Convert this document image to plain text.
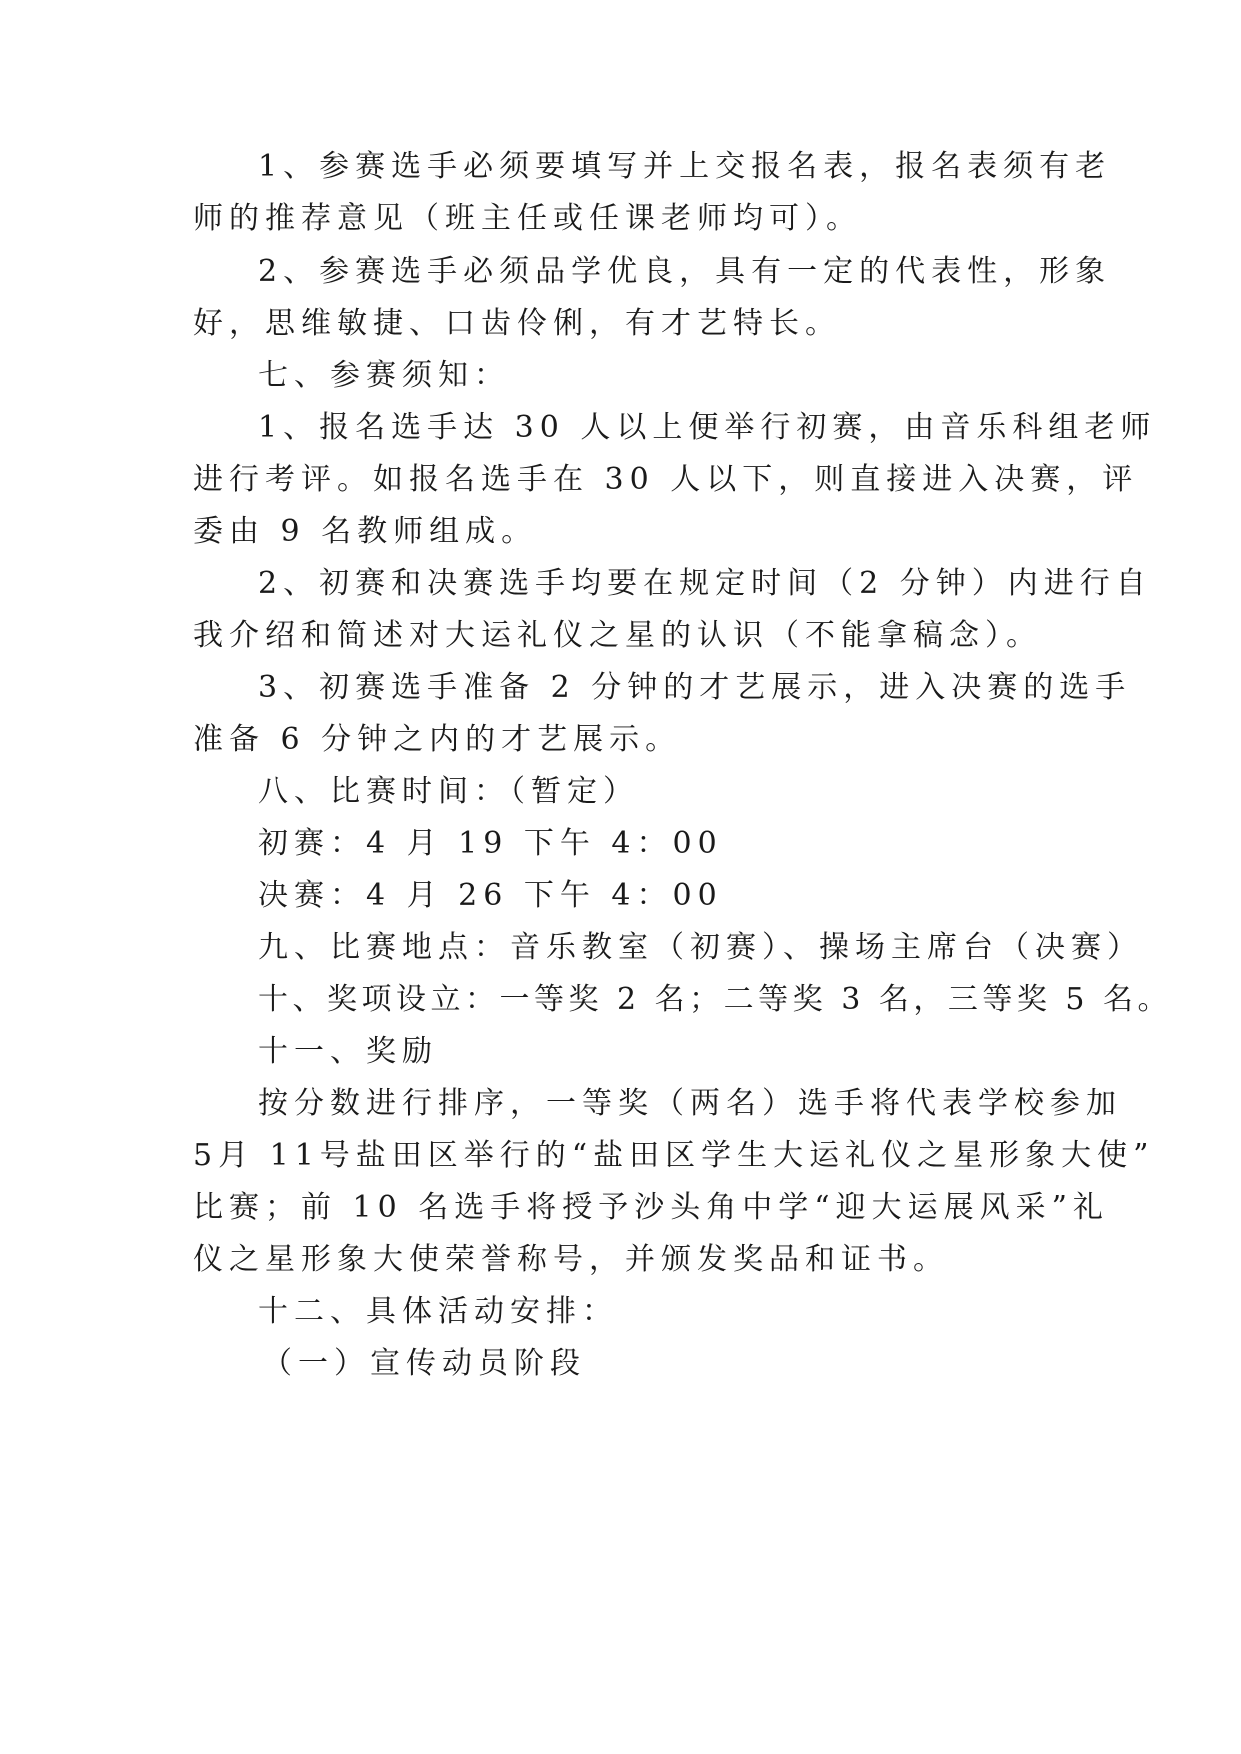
1、参赛选手必须要填写并上交报名表，报名表须有老
师的推荐意见（班主任或任课老师均可）。
2、参赛选手必须品学优良，具有一定的代表性，形象
好，思维敏捷、口齿伶俐，有才艺特长。
七、参赛须知：
1、报名选手达 30 人以上便举行初赛，由音乐科组老师
进行考评。如报名选手在 30 人以下，则直接进入决赛，评
委由 9 名教师组成。
2、初赛和决赛选手均要在规定时间（2 分钟）内进行自
我介绍和简述对大运礼仪之星的认识（不能拿稿念）。
3、初赛选手准备 2 分钟的才艺展示，进入决赛的选手
准备 6 分钟之内的才艺展示。
八、比赛时间：（暂定）
初赛：4 月 19 下午 4：00
决赛：4 月 26 下午 4：00
九、比赛地点：音乐教室（初赛）、操场主席台（决赛）
十、奖项设立：一等奖 2 名；二等奖 3 名，三等奖 5 名。
十一、奖励
按分数进行排序，一等奖（两名）选手将代表学校参加
5月 11号盐田区举行的“盐田区学生大运礼仪之星形象大使”
比赛；前 10 名选手将授予沙头角中学“迎大运展风采”礼
仪之星形象大使荣誉称号，并颁发奖品和证书。
十二、具体活动安排：
（一）宣传动员阶段
